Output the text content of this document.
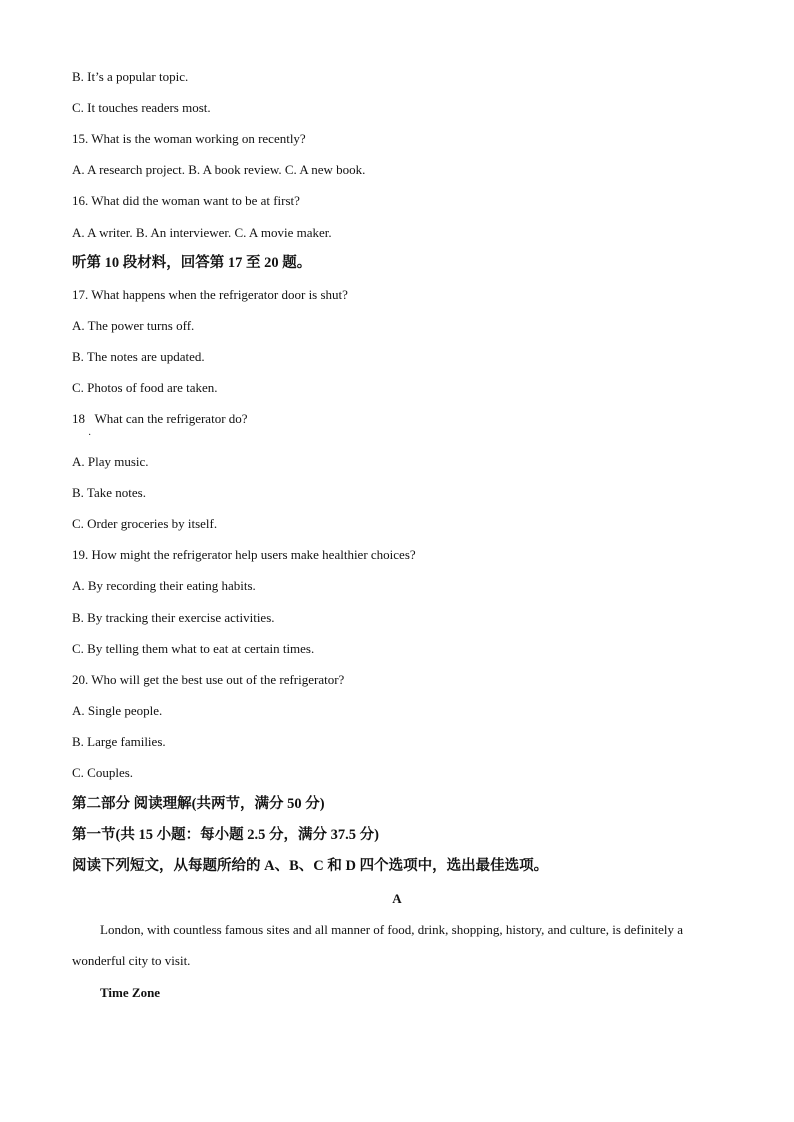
B. It’s a popular topic.
C. It touches readers most.
15. What is the woman working on recently?
A. A research project. B. A book review. C. A new book.
16. What did the woman want to be at first?
A. A writer. B. An interviewer. C. A movie maker.
听第 10 段材料，回答第 17 至 20 题。
17. What happens when the refrigerator door is shut?
A. The power turns off.
B. The notes are updated.
C. Photos of food are taken.
18   What can the refrigerator do?
·
A. Play music.
B. Take notes.
C. Order groceries by itself.
19. How might the refrigerator help users make healthier choices?
A. By recording their eating habits.
B. By tracking their exercise activities.
C. By telling them what to eat at certain times.
20. Who will get the best use out of the refrigerator?
A. Single people.
B. Large families.
C. Couples.
第二部分 阅读理解(共两节，满分 50 分)
第一节(共 15 小题：每小题 2.5 分，满分 37.5 分)
阅读下列短文，从每题所给的 A、B、C 和 D 四个选项中，选出最佳选项。
A
London, with countless famous sites and all manner of food, drink, shopping, history, and culture, is definitely a wonderful city to visit.
Time Zone
